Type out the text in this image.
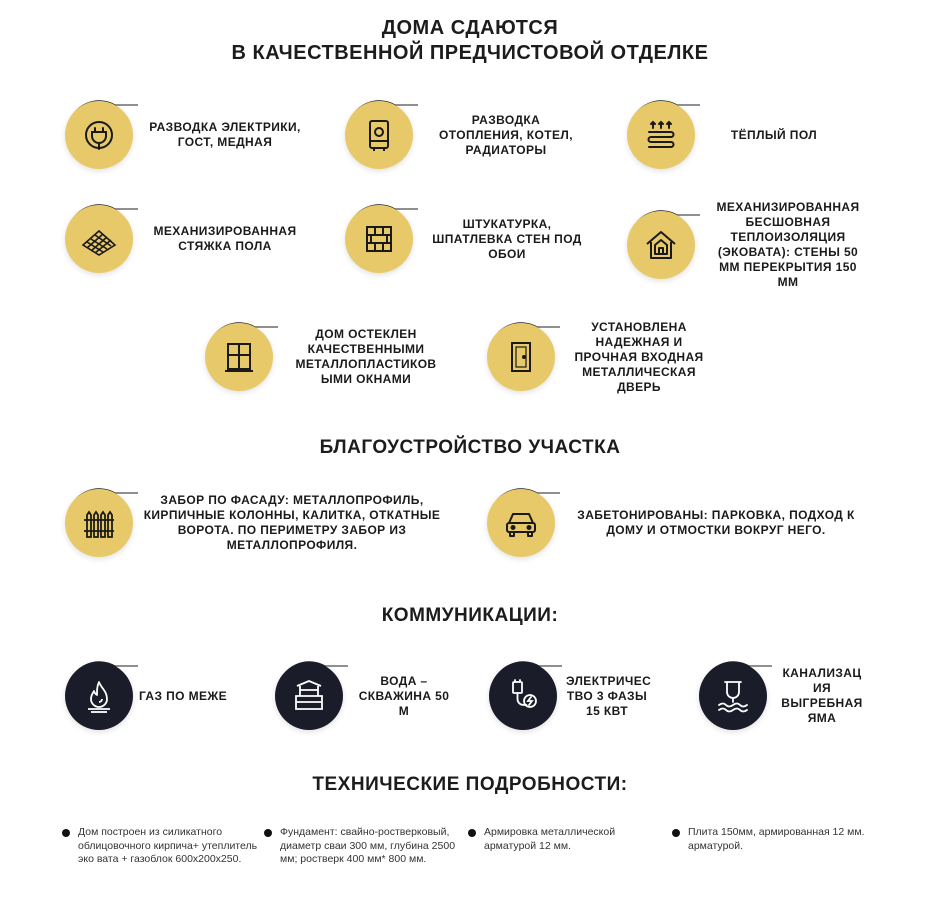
ДОМА СДАЮТСЯ
В КАЧЕСТВЕННОЙ ПРЕДЧИСТОВОЙ ОТДЕЛКЕ
РАЗВОДКА ЭЛЕКТРИКИ, ГОСТ, МЕДНАЯ
РАЗВОДКА ОТОПЛЕНИЯ, КОТЕЛ, РАДИАТОРЫ
ТЁПЛЫЙ ПОЛ
МЕХАНИЗИРОВАННАЯ СТЯЖКА ПОЛА
ШТУКАТУРКА, ШПАТЛЕВКА СТЕН ПОД ОБОИ
МЕХАНИЗИРОВАННАЯ БЕСШОВНАЯ ТЕПЛОИЗОЛЯЦИЯ (ЭКОВАТА): СТЕНЫ 50 ММ ПЕРЕКРЫТИЯ 150 ММ
ДОМ ОСТЕКЛЕН КАЧЕСТВЕННЫМИ МЕТАЛЛОПЛАСТИКОВ ЫМИ ОКНАМИ
УСТАНОВЛЕНА НАДЕЖНАЯ И ПРОЧНАЯ ВХОДНАЯ МЕТАЛЛИЧЕСКАЯ ДВЕРЬ
БЛАГОУСТРОЙСТВО УЧАСТКА
ЗАБОР ПО ФАСАДУ: МЕТАЛЛОПРОФИЛЬ, КИРПИЧНЫЕ КОЛОННЫ, КАЛИТКА, ОТКАТНЫЕ ВОРОТА. ПО ПЕРИМЕТРУ ЗАБОР ИЗ МЕТАЛЛОПРОФИЛЯ.
ЗАБЕТОНИРОВАНЫ: ПАРКОВКА, ПОДХОД К ДОМУ И ОТМОСТКИ ВОКРУГ НЕГО.
КОММУНИКАЦИИ:
ГАЗ ПО МЕЖЕ
ВОДА – СКВАЖИНА 50 М
ЭЛЕКТРИЧЕС ТВО 3 ФАЗЫ 15 КВТ
КАНАЛИЗАЦ ИЯ ВЫГРЕБНАЯ ЯМА
ТЕХНИЧЕСКИЕ ПОДРОБНОСТИ:
Дом построен из силикатного облицовочного кирпича+ утеплитель эко вата + газоблок 600х200х250.
Фундамент: свайно-ростверковый, диаметр сваи 300 мм, глубина 2500 мм; ростверк 400 мм* 800 мм.
Армировка металлической арматурой 12 мм.
Плита 150мм, армированная 12 мм. арматурой.
